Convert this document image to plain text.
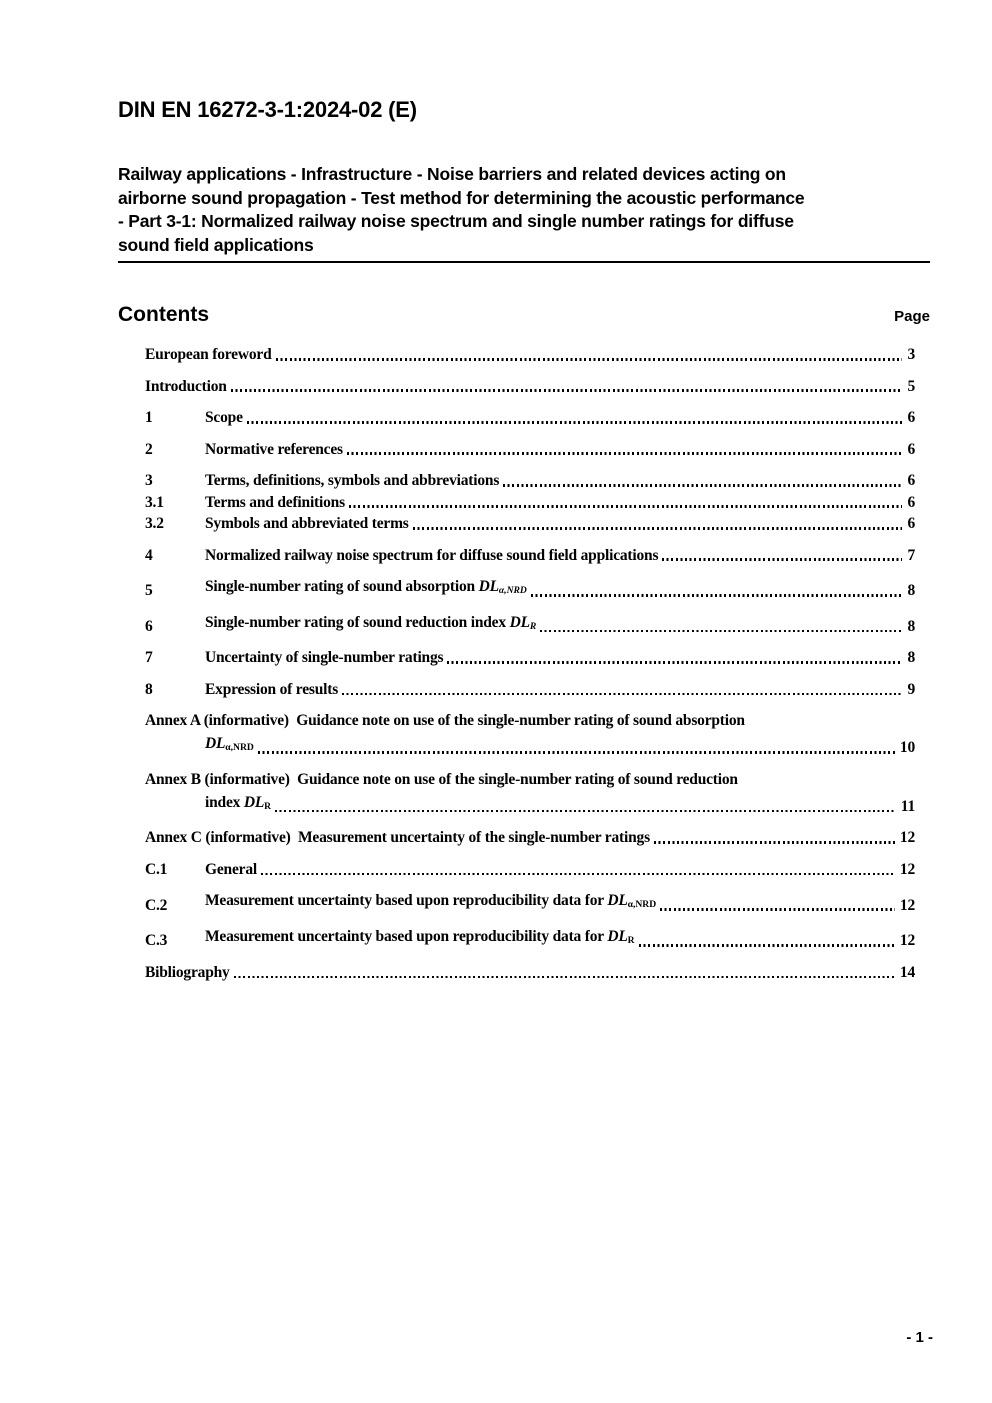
DIN EN 16272-3-1:2024-02 (E)
Railway applications - Infrastructure - Noise barriers and related devices acting on
airborne sound propagation - Test method for determining the acoustic performance
- Part 3-1: Normalized railway noise spectrum and single number ratings for diffuse
sound field applications
Contents	Page
European foreword	3
Introduction	5
1	Scope	6
2	Normative references	6
3	Terms, definitions, symbols and abbreviations	6
3.1	Terms and definitions	6
3.2	Symbols and abbreviated terms	6
4	Normalized railway noise spectrum for diffuse sound field applications	7
5	Single-number rating of sound absorption DLα,NRD	8
6	Single-number rating of sound reduction index DLR	8
7	Uncertainty of single-number ratings	8
8	Expression of results	9
Annex A (informative)  Guidance note on use of the single-number rating of sound absorption
DLα,NRD	10
Annex B (informative)  Guidance note on use of the single-number rating of sound reduction
index DLR	11
Annex C (informative)  Measurement uncertainty of the single-number ratings	12
C.1	General	12
C.2	Measurement uncertainty based upon reproducibility data for DLα,NRD	12
C.3	Measurement uncertainty based upon reproducibility data for DLR	12
Bibliography	14
- 1 -
